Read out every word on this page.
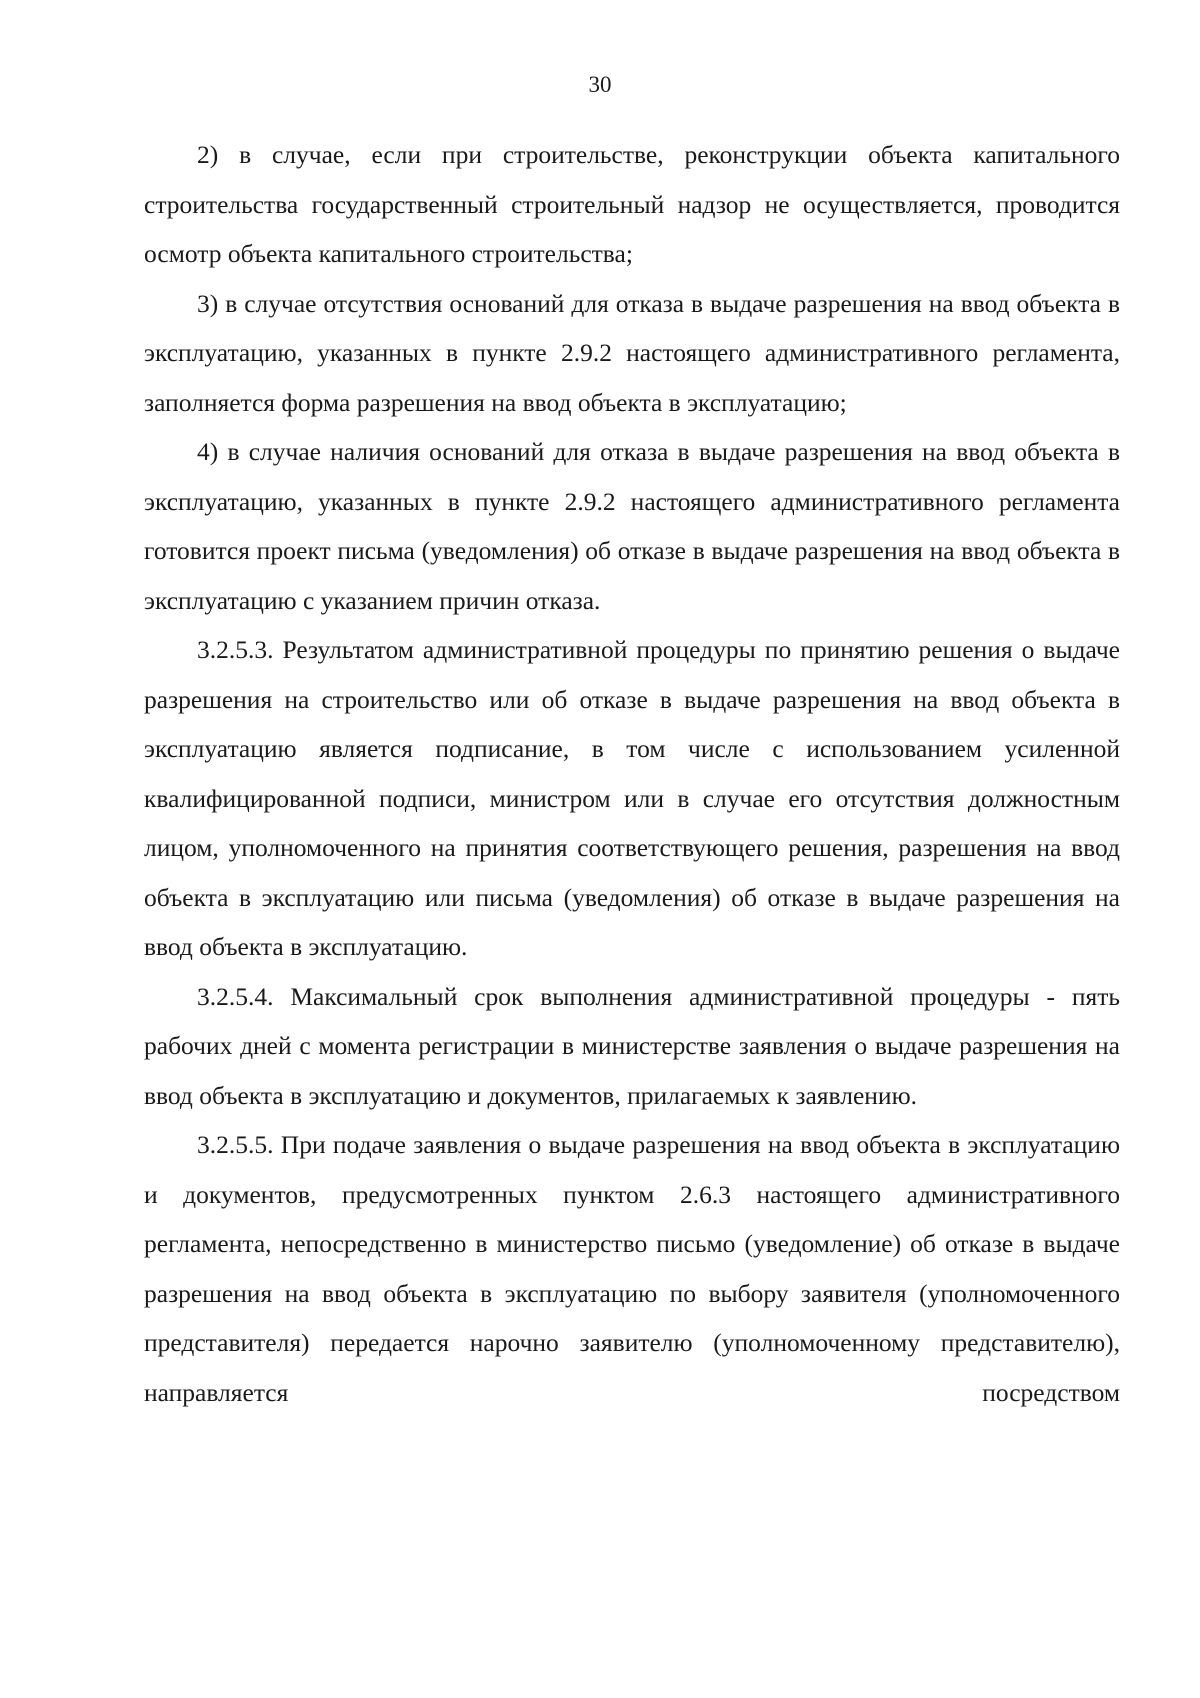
30

2) в случае, если при строительстве, реконструкции объекта капитального строительства государственный строительный надзор не осуществляется, проводится осмотр объекта капитального строительства;

3) в случае отсутствия оснований для отказа в выдаче разрешения на ввод объекта в эксплуатацию, указанных в пункте 2.9.2 настоящего административного регламента, заполняется форма разрешения на ввод объекта в эксплуатацию;

4) в случае наличия оснований для отказа в выдаче разрешения на ввод объекта в эксплуатацию, указанных в пункте 2.9.2 настоящего административного регламента готовится проект письма (уведомления) об отказе в выдаче разрешения на ввод объекта в эксплуатацию с указанием причин отказа.

3.2.5.3. Результатом административной процедуры по принятию решения о выдаче разрешения на строительство или об отказе в выдаче разрешения на ввод объекта в эксплуатацию является подписание, в том числе с использованием усиленной квалифицированной подписи, министром или в случае его отсутствия должностным лицом, уполномоченного на принятия соответствующего решения, разрешения на ввод объекта в эксплуатацию или письма (уведомления) об отказе в выдаче разрешения на ввод объекта в эксплуатацию.

3.2.5.4. Максимальный срок выполнения административной процедуры - пять рабочих дней с момента регистрации в министерстве заявления о выдаче разрешения на ввод объекта в эксплуатацию и документов, прилагаемых к заявлению.

3.2.5.5. При подаче заявления о выдаче разрешения на ввод объекта в эксплуатацию и документов, предусмотренных пунктом 2.6.3 настоящего административного регламента, непосредственно в министерство письмо (уведомление) об отказе в выдаче разрешения на ввод объекта в эксплуатацию по выбору заявителя (уполномоченного представителя) передается нарочно заявителю (уполномоченному представителю), направляется посредством
